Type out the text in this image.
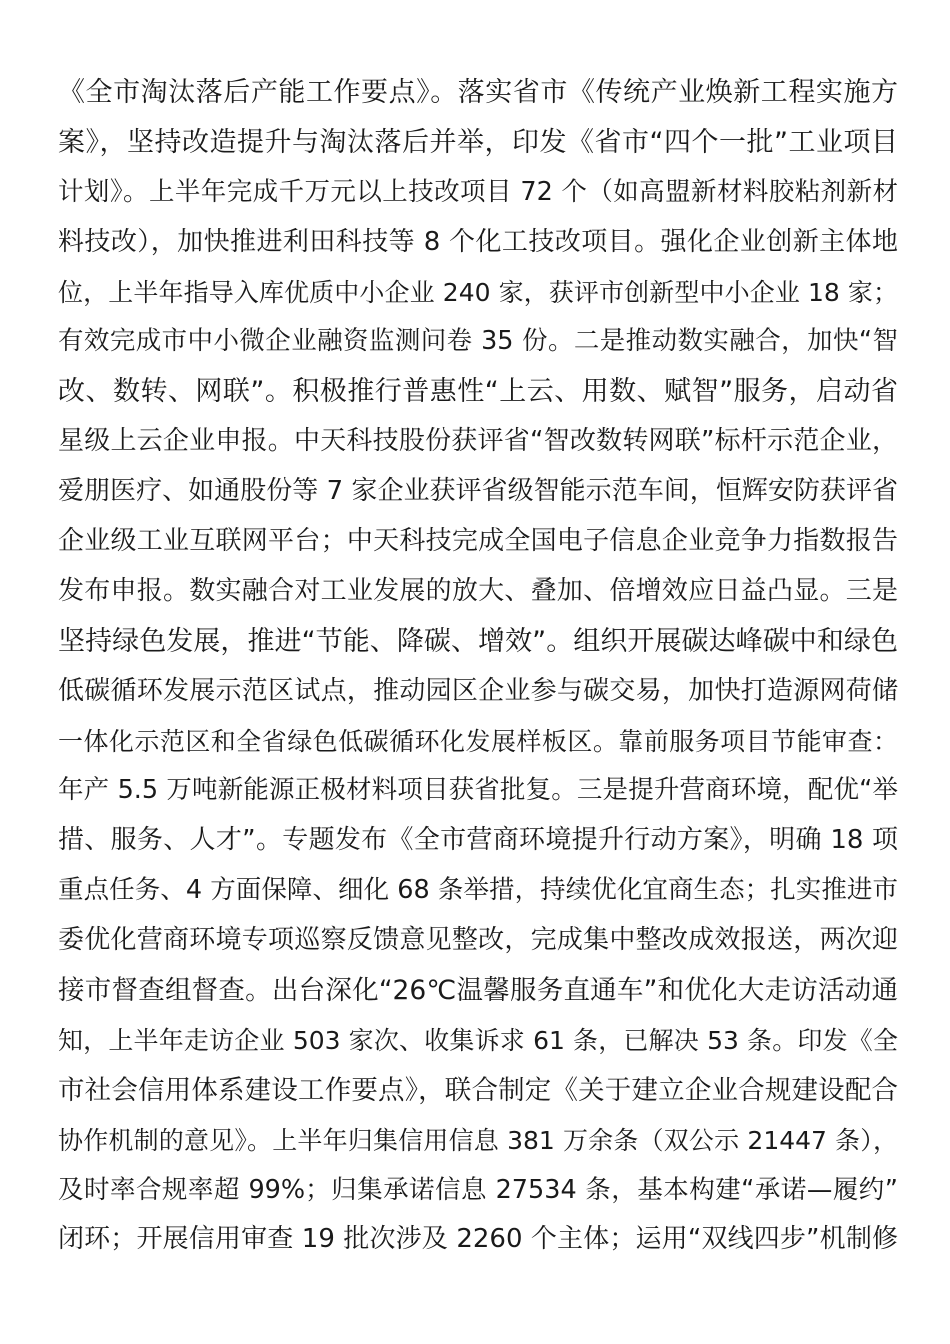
《全市淘汰落后产能工作要点》。落实省市《传统产业焕新工程实施方
案》，坚持改造提升与淘汰落后并举，印发《省市“四个一批”工业项目
计划》。上半年完成千万元以上技改项目 72 个（如高盟新材料胶粘剂新材
料技改），加快推进利田科技等 8 个化工技改项目。强化企业创新主体地
位，上半年指导入库优质中小企业 240 家，获评市创新型中小企业 18 家；
有效完成市中小微企业融资监测问卷 35 份。二是推动数实融合，加快“智
改、数转、网联”。积极推行普惠性“上云、用数、赋智”服务，启动省
星级上云企业申报。中天科技股份获评省“智改数转网联”标杆示范企业，
爱朋医疗、如通股份等 7 家企业获评省级智能示范车间，恒辉安防获评省
企业级工业互联网平台；中天科技完成全国电子信息企业竞争力指数报告
发布申报。数实融合对工业发展的放大、叠加、倍增效应日益凸显。三是
坚持绿色发展，推进“节能、降碳、增效”。组织开展碳达峰碳中和绿色
低碳循环发展示范区试点，推动园区企业参与碳交易，加快打造源网荷储
一体化示范区和全省绿色低碳循环化发展样板区。靠前服务项目节能审查：
年产 5.5 万吨新能源正极材料项目获省批复。三是提升营商环境，配优“举
措、服务、人才”。专题发布《全市营商环境提升行动方案》，明确 18 项
重点任务、4 方面保障、细化 68 条举措，持续优化宜商生态；扎实推进市
委优化营商环境专项巡察反馈意见整改，完成集中整改成效报送，两次迎
接市督查组督查。出台深化“26℃温馨服务直通车”和优化大走访活动通
知，上半年走访企业 503 家次、收集诉求 61 条，已解决 53 条。印发《全
市社会信用体系建设工作要点》，联合制定《关于建立企业合规建设配合
协作机制的意见》。上半年归集信用信息 381 万余条（双公示 21447 条），
及时率合规率超 99%；归集承诺信息 27534 条，基本构建“承诺—履约”
闭环；开展信用审查 19 批次涉及 2260 个主体；运用“双线四步”机制修
